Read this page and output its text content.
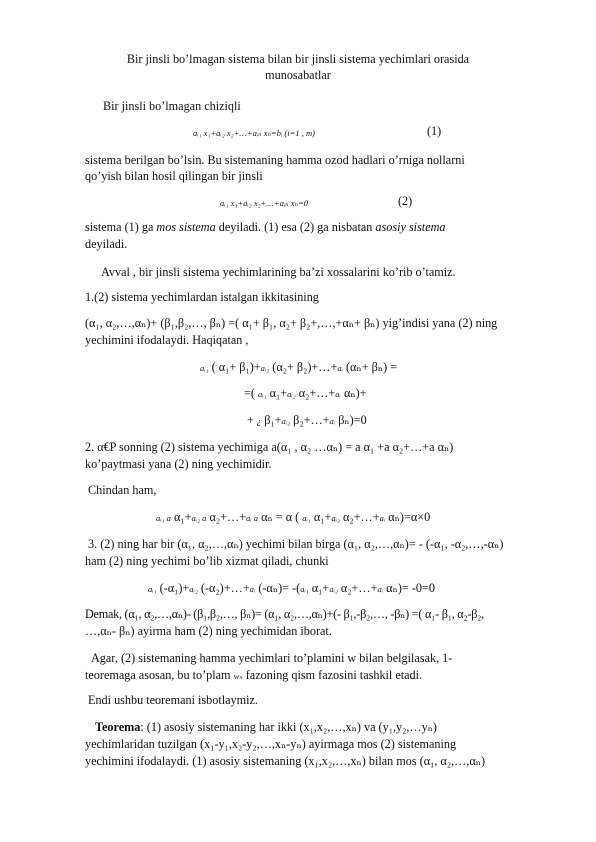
Bir jinsli bo’lmagan sistema bilan bir jinsli sistema yechimlari orasida
munosabatlar
Bir jinsli bo’lmagan chiziqli
aᵢ₁ x₁+aᵢ₂ x₂+…+aᵢₙ xₙ=bᵢ (i=1 , m)	(1)
sistema berilgan bo’lsin. Bu sistemaning hamma ozod hadlari o’rniga nollarni
qo’yish bilan hosil qilingan bir jinsli
aᵢ₁ x₁+aᵢ₂ x₂+…+aᵢₙ xₙ=0	(2)
sistema (1) ga mos sistema deyiladi. (1) esa (2) ga nisbatan asosiy sistema
deyiladi.
Avval , bir jinsli sistema yechimlarining ba’zi xossalarini ko’rib o’tamiz.
1.(2) sistema yechimlardan istalgan ikkitasining
(α₁, α₂,…,αₙ)+ (β₁,β₂,…, βₙ) =( α₁+ β₁, α₂+ β₂+,…,+αₙ+ βₙ) yig’indisi yana (2) ning
yechimini ifodalaydi. Haqiqatan ,
aᵢ₁ ( α₁+ β₁)+aᵢ₂ (α₂+ β₂)+…+aᵢ (αₙ+ βₙ) =
=( aᵢ₁ α₁+aᵢ₂ α₂+…+aᵢ αₙ)+
+ ¿ β₁+aᵢ₂ β₂+…+aᵢ βₙ)=0
2. α€P sonning (2) sistema yechimiga a(α₁ , α₂ …αₙ) = a α₁ +a α₂+…+a αₙ)
ko’paytmasi yana (2) ning yechimidir.
Chindan ham,
aᵢ₁ a α₁+aᵢ₂ a α₂+…+aᵢ a αₙ = α ( aᵢ₁ α₁+aᵢ₂ α₂+…+aᵢ αₙ)=α×0
3. (2) ning har bir (α₁, α₂,…,αₙ) yechimi bilan birga (α₁, α₂,…,αₙ)= - (-α₁, -α₂,…,-αₙ)
ham (2) ning yechimi bo’lib xizmat qiladi, chunki
aᵢ₁ (-α₁)+aᵢ₂ (-α₂)+…+aᵢ (-αₙ)= -(aᵢ₁ α₁+aᵢ₂ α₂+…+aᵢ αₙ)= -0=0
Demak, (α₁, α₂,…,αₙ)- (β₁,β₂,…, βₙ)= (α₁, α₂,…,αₙ)+(- β₁,-β₂,…, -βₙ) =( α₁- β₁, α₂-β₂,
…,αₙ- βₙ) ayirma ham (2) ning yechimidan iborat.
Agar, (2) sistemaning hamma yechimlari to’plamini w bilan belgilasak, 1-
teoremaga asosan, bu to’plam wₙ fazoning qism fazosini tashkil etadi.
Endi ushbu teoremani isbotlaymiz.
Teorema: (1) asosiy sistemaning har ikki (x₁,x₂,…,xₙ) va (y₁,y₂,…yₙ)
yechimlaridan tuzilgan (x₁-y₁,x₂-y₂,…,xₙ-yₙ) ayirmaga mos (2) sistemaning
yechimini ifodalaydi. (1) asosiy sistemaning (x₁,x₂,…,xₙ) bilan mos (α₁, α₂,…,αₙ)
